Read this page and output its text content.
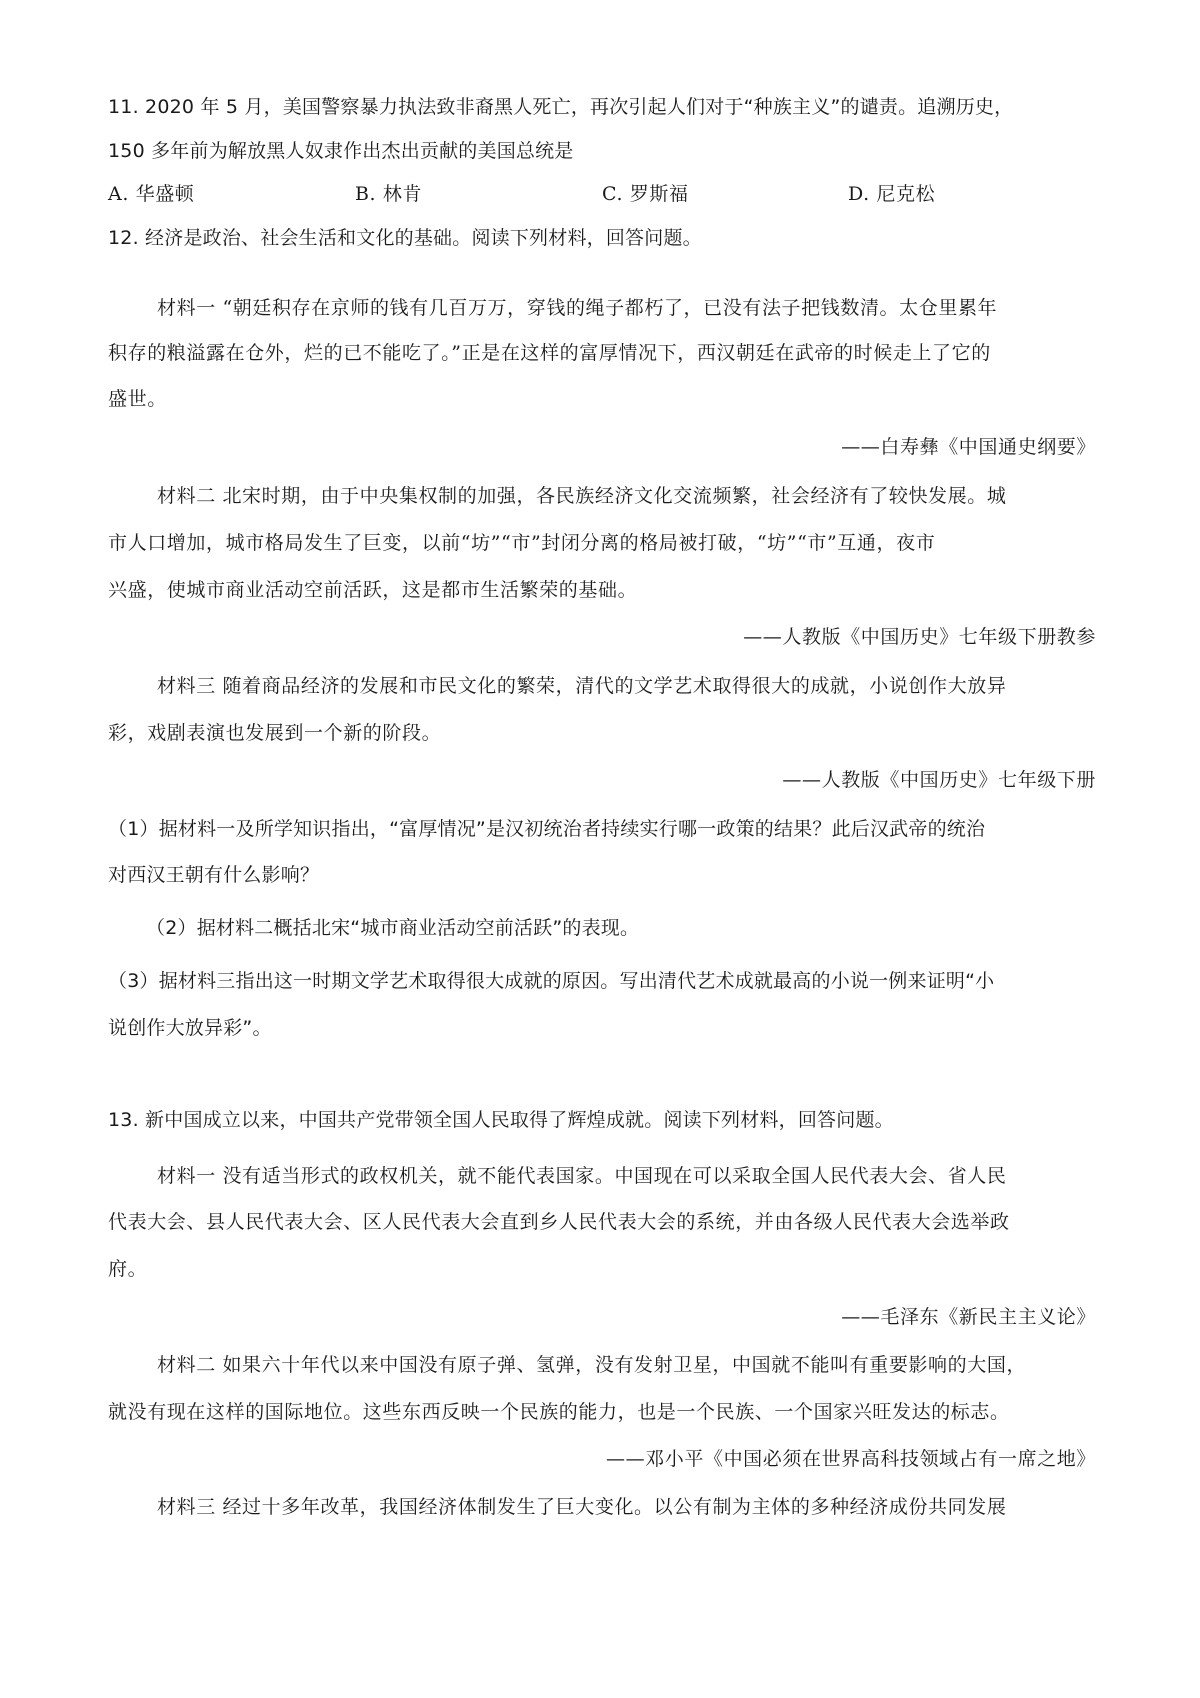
11. 2020 年 5 月，美国警察暴力执法致非裔黑人死亡，再次引起人们对于“种族主义”的谴责。追溯历史，
150 多年前为解放黑人奴隶作出杰出贡献的美国总统是
A. 华盛顿	B. 林肯	C. 罗斯福	D. 尼克松
12. 经济是政治、社会生活和文化的基础。阅读下列材料，回答问题。
材料一 “朝廷积存在京师的钱有几百万万，穿钱的绳子都朽了，已没有法子把钱数清。太仓里累年
积存的粮溢露在仓外，烂的已不能吃了。”正是在这样的富厚情况下，西汉朝廷在武帝的时候走上了它的
盛世。
——白寿彝《中国通史纲要》
材料二 北宋时期，由于中央集权制的加强，各民族经济文化交流频繁，社会经济有了较快发展。城
市人口增加，城市格局发生了巨变，以前“坊”“市”封闭分离的格局被打破，“坊”“市”互通，夜市
兴盛，使城市商业活动空前活跃，这是都市生活繁荣的基础。
——人教版《中国历史》七年级下册教参
材料三 随着商品经济的发展和市民文化的繁荣，清代的文学艺术取得很大的成就，小说创作大放异
彩，戏剧表演也发展到一个新的阶段。
——人教版《中国历史》七年级下册
（1）据材料一及所学知识指出，“富厚情况”是汉初统治者持续实行哪一政策的结果？此后汉武帝的统治
对西汉王朝有什么影响？
（2）据材料二概括北宋“城市商业活动空前活跃”的表现。
（3）据材料三指出这一时期文学艺术取得很大成就的原因。写出清代艺术成就最高的小说一例来证明“小
说创作大放异彩”。
13. 新中国成立以来，中国共产党带领全国人民取得了辉煌成就。阅读下列材料，回答问题。
材料一 没有适当形式的政权机关，就不能代表国家。中国现在可以采取全国人民代表大会、省人民
代表大会、县人民代表大会、区人民代表大会直到乡人民代表大会的系统，并由各级人民代表大会选举政
府。
——毛泽东《新民主主义论》
材料二 如果六十年代以来中国没有原子弹、氢弹，没有发射卫星，中国就不能叫有重要影响的大国，
就没有现在这样的国际地位。这些东西反映一个民族的能力，也是一个民族、一个国家兴旺发达的标志。
——邓小平《中国必须在世界高科技领域占有一席之地》
材料三 经过十多年改革，我国经济体制发生了巨大变化。以公有制为主体的多种经济成份共同发展
